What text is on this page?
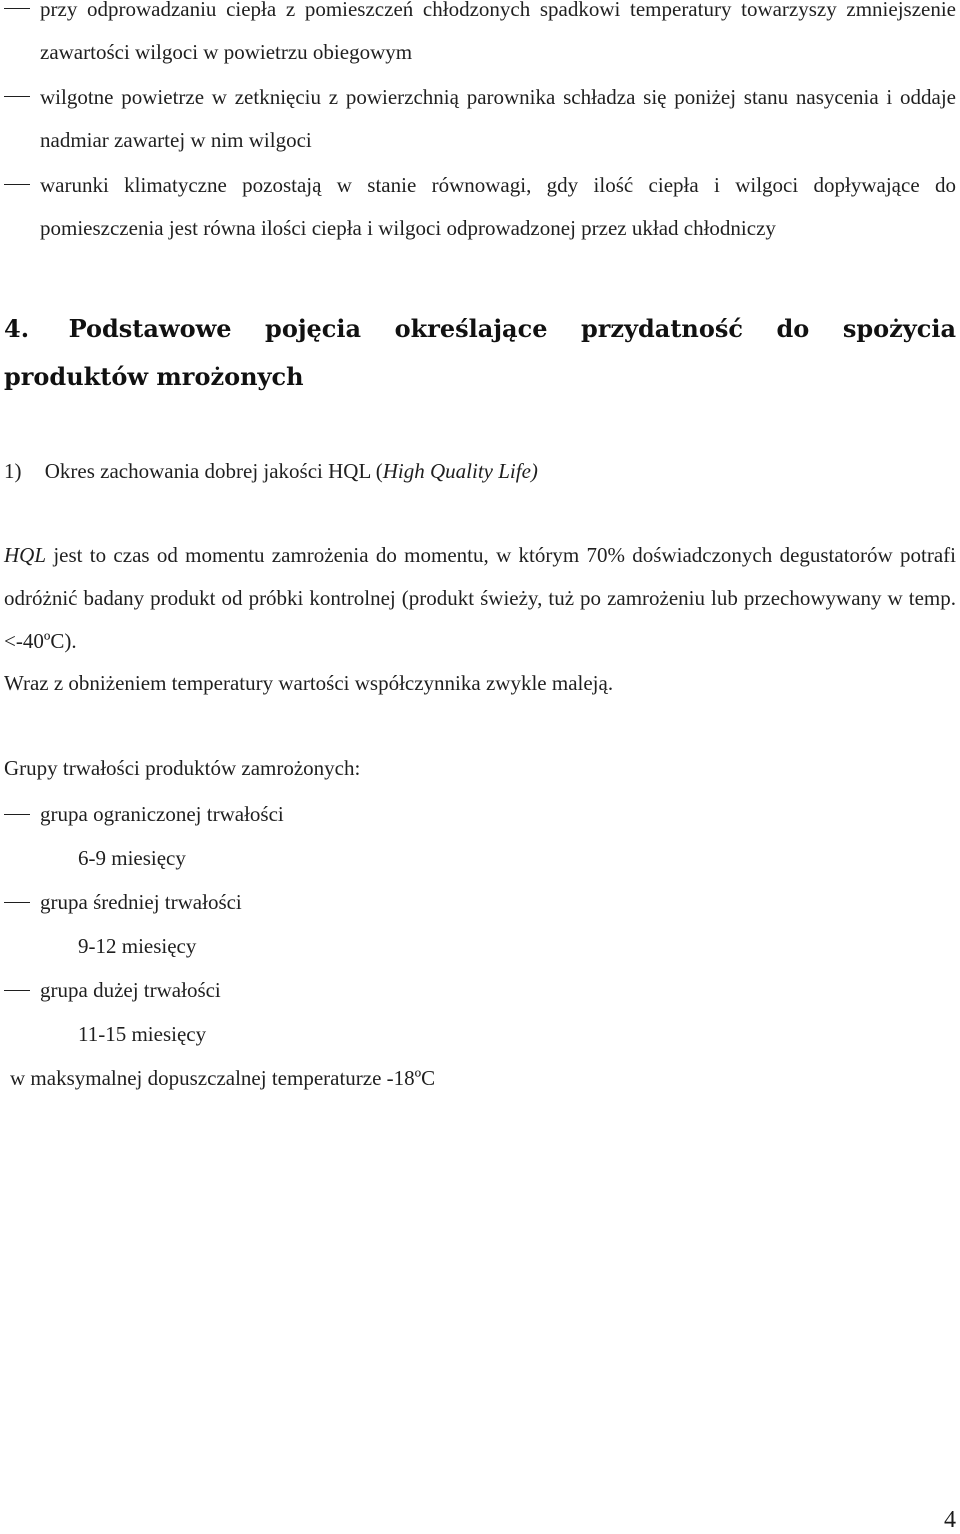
przy odprowadzaniu ciepła z pomieszczeń chłodzonych spadkowi temperatury towarzyszy zmniejszenie zawartości wilgoci w powietrzu obiegowym
wilgotne powietrze w zetknięciu z powierzchnią parownika schładza się poniżej stanu nasycenia i oddaje nadmiar zawartej w nim wilgoci
warunki klimatyczne pozostają w stanie równowagi, gdy ilość ciepła i wilgoci dopływające do pomieszczenia jest równa ilości ciepła i wilgoci odprowadzonej przez układ chłodniczy
4. Podstawowe pojęcia określające przydatność do spożycia produktów mrożonych
1) Okres zachowania dobrej jakości HQL (High Quality Life)
HQL jest to czas od momentu zamrożenia do momentu, w którym 70% doświadczonych degustatorów potrafi odróżnić badany produkt od próbki kontrolnej (produkt świeży, tuż po zamrożeniu lub przechowywany w temp. <-40ºC).
Wraz z obniżeniem temperatury wartości współczynnika zwykle maleją.
Grupy trwałości produktów zamrożonych:
grupa ograniczonej trwałości
6-9 miesięcy
grupa średniej trwałości
9-12 miesięcy
grupa dużej trwałości
11-15 miesięcy
w maksymalnej dopuszczalnej temperaturze -18ºC
4
